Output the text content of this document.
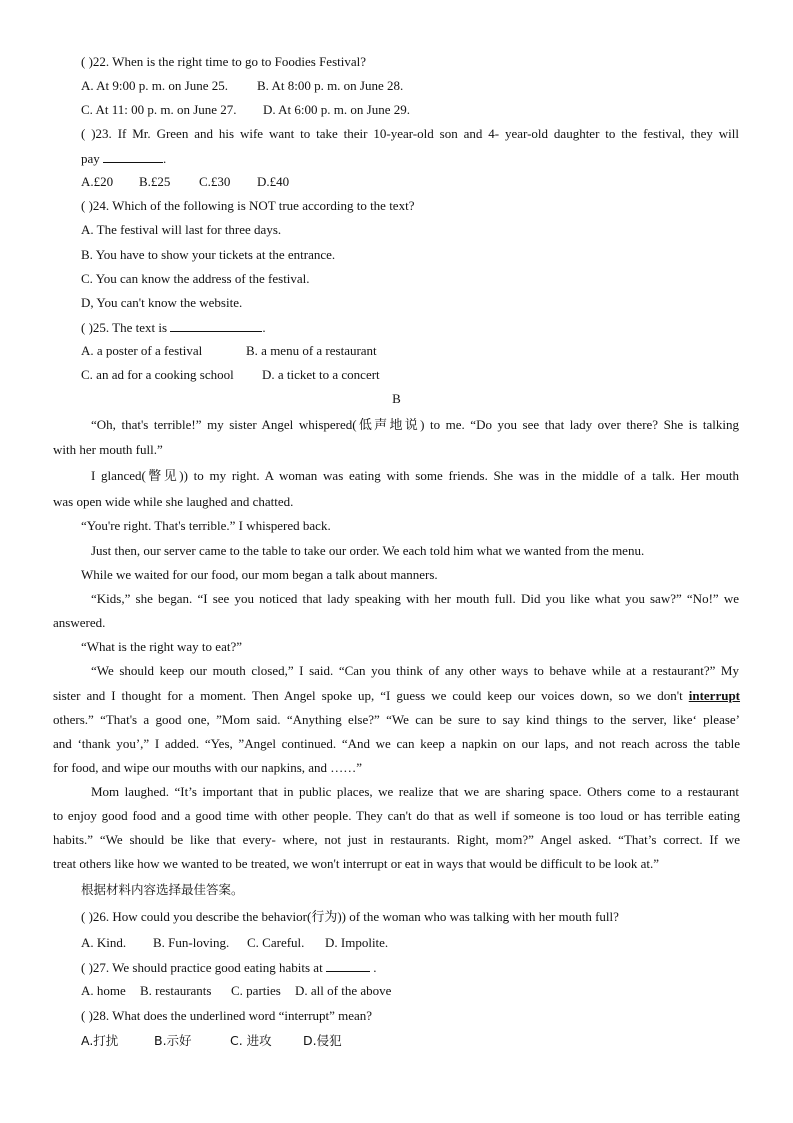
( )22. When is the right time to go to Foodies Festival?
A. At 9:00 p. m. on June 25. B. At 8:00 p. m. on June 28.
C. At 11: 00 p. m. on June 27. D. At 6:00 p. m. on June 29.
( )23. If Mr. Green and his wife want to take their 10-year-old son and 4- year-old daughter to the festival, they will
pay	.
A.£20 B.£25 C.£30 D.£40
( )24. Which of the following is NOT true according to the text?
A. The festival will last for three days.
B. You have to show your tickets at the entrance.
C. You can know the address of the festival.
D, You can't know the website.
( )25. The text is	.
A. a poster of a festival	B. a menu of a restaurant
C. an ad for a cooking school D. a ticket to a concert
B
“Oh, that's terrible!” my sister Angel whispered(低声地说) to me. “Do you see that lady over there? She is talking
with her mouth full.”
I glanced(瞥见)) to my right. A woman was eating with some friends. She was in the middle of a talk. Her mouth
was open wide while she laughed and chatted.
“You're right. That's terrible.” I whispered back.
Just then, our server came to the table to take our order. We each told him what we wanted from the menu.
While we waited for our food, our mom began a talk about manners.
“Kids,” she began. “I see you noticed that lady speaking with her mouth full. Did you like what you saw?” “No!” we
answered.
“What is the right way to eat?”
“We should keep our mouth closed,” I said. “Can you think of any other ways to behave while at a restaurant?” My
sister and I thought for a moment. Then Angel spoke up, “I guess we could keep our voices down, so we don't interrupt
others.” “That's a good one, ”Mom said. “Anything else?” “We can be sure to say kind things to the server, like‘ please’
and ‘thank you’,” I added. “Yes, ”Angel continued. “And we can keep a napkin on our laps, and not reach across the table
for food, and wipe our mouths with our napkins, and ……”
Mom laughed. “It’s important that in public places, we realize that we are sharing space. Others come to a restaurant
to enjoy good food and a good time with other people. They can't do that as well if someone is too loud or has terrible eating
habits.” “We should be like that every- where, not just in restaurants. Right, mom?” Angel asked. “That’s correct. If we
treat others like how we wanted to be treated, we won't interrupt or eat in ways that would be difficult to be look at.”
根据材料内容选择最佳答案。
( )26. How could you describe the behavior(行为)) of the woman who was talking with her mouth full?
A. Kind. B. Fun-loving. C. Careful. D. Impolite.
( )27. We should practice good eating habits at	.
A. home B. restaurants C. parties D. all of the above
( )28. What does the underlined word “interrupt” mean?
A.打扰	B.示好	C. 进攻	D.侵犯
